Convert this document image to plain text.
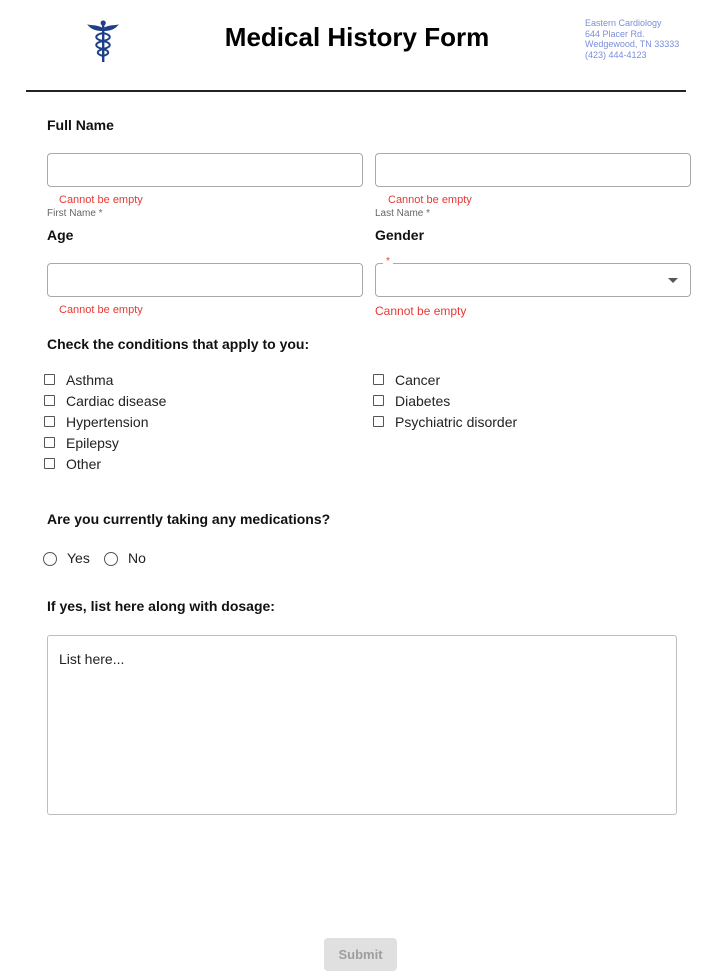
Medical History Form	Eastern Cardiology
644 Placer Rd.
Wedgewood, TN 33333
(423) 444-4123
Full Name
Cannot be empty
First Name *
Cannot be empty
Last Name *
Age
Cannot be empty
Gender
*
Cannot be empty
Check the conditions that apply to you:
Asthma
Cardiac disease
Hypertension
Epilepsy
Other
Cancer
Diabetes
Psychiatric disorder
Are you currently taking any medications?
Yes	No
If yes, list here along with dosage:
List here...
Submit
